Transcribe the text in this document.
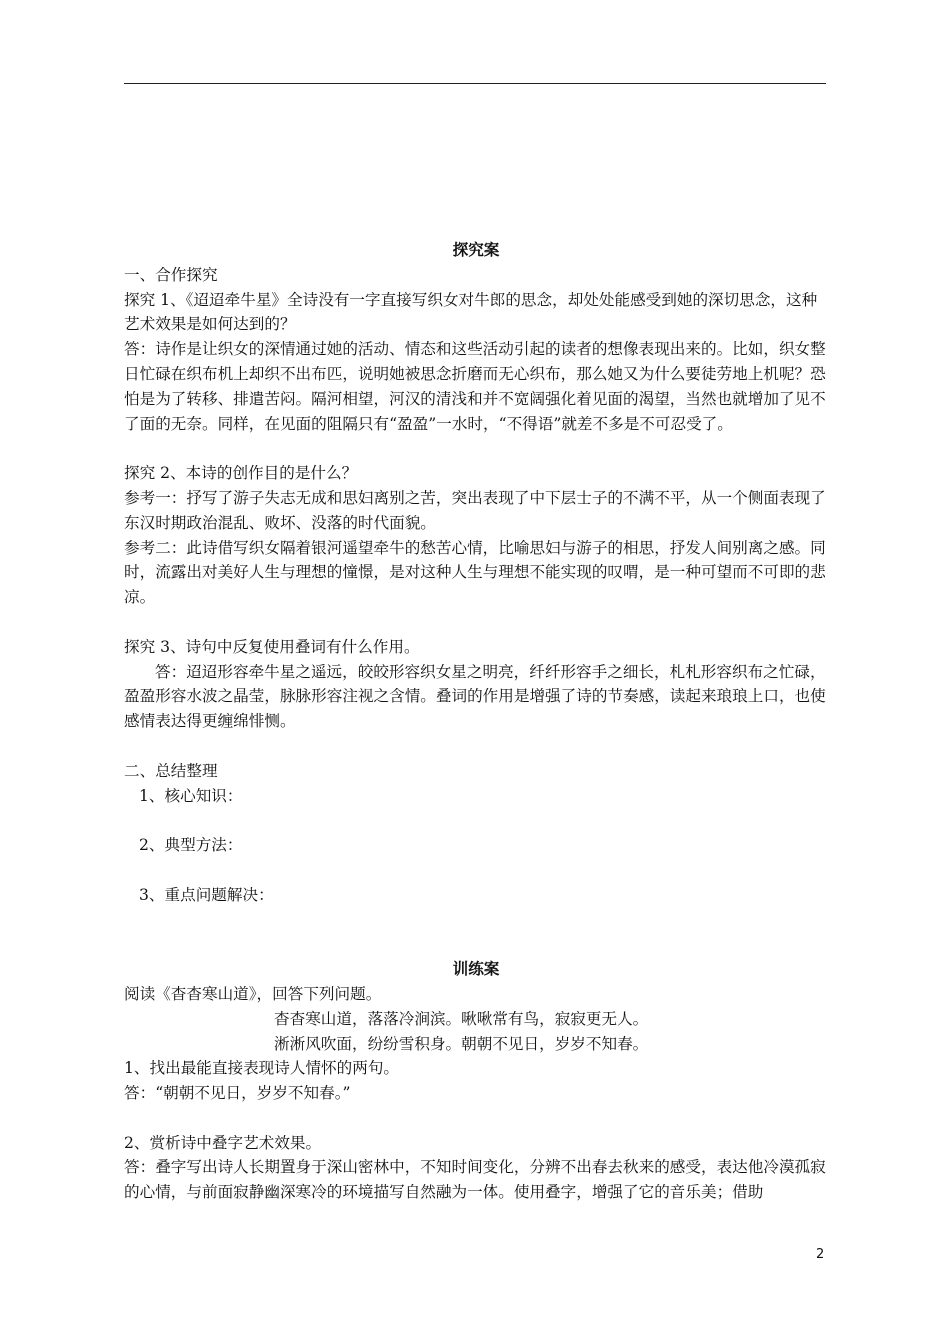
探究案

一、合作探究

探究 1、《迢迢牵牛星》全诗没有一字直接写织女对牛郎的思念，却处处能感受到她的深切思念，这种艺术效果是如何达到的？

答：诗作是让织女的深情通过她的活动、情态和这些活动引起的读者的想像表现出来的。比如，织女整日忙碌在织布机上却织不出布匹，说明她被思念折磨而无心织布，那么她又为什么要徒劳地上机呢？恐怕是为了转移、排遣苦闷。隔河相望，河汉的清浅和并不宽阔强化着见面的渴望，当然也就增加了见不了面的无奈。同样，在见面的阻隔只有“盈盈”一水时，“不得语”就差不多是不可忍受了。

探究 2、本诗的创作目的是什么？

参考一：抒写了游子失志无成和思妇离别之苦，突出表现了中下层士子的不满不平，从一个侧面表现了东汉时期政治混乱、败坏、没落的时代面貌。

参考二：此诗借写织女隔着银河遥望牵牛的愁苦心情，比喻思妇与游子的相思，抒发人间别离之感。同时，流露出对美好人生与理想的憧憬，是对这种人生与理想不能实现的叹喟，是一种可望而不可即的悲凉。

探究 3、诗句中反复使用叠词有什么作用。

答：迢迢形容牵牛星之遥远，皎皎形容织女星之明亮，纤纤形容手之细长，札札形容织布之忙碌，盈盈形容水波之晶莹，脉脉形容注视之含情。叠词的作用是增强了诗的节奏感，读起来琅琅上口，也使感情表达得更缠绵悱恻。

二、总结整理

1、核心知识：

2、典型方法：

3、重点问题解决：

训练案

阅读《杳杳寒山道》，回答下列问题。

杳杳寒山道，落落冷涧滨。啾啾常有鸟，寂寂更无人。

淅淅风吹面，纷纷雪积身。朝朝不见日，岁岁不知春。

1、找出最能直接表现诗人情怀的两句。

答：“朝朝不见日，岁岁不知春。”

2、赏析诗中叠字艺术效果。

答：叠字写出诗人长期置身于深山密林中，不知时间变化，分辨不出春去秋来的感受，表达他冷漠孤寂的心情，与前面寂静幽深寒冷的环境描写自然融为一体。使用叠字，增强了它的音乐美；借助

2
